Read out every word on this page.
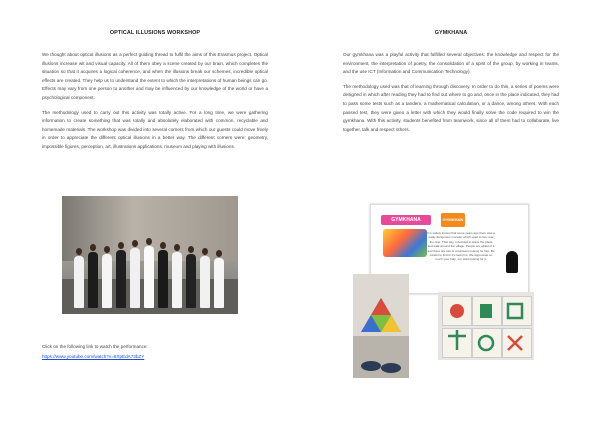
OPTICAL ILLUSIONS WORKSHOP

We thought about optical illusions as a perfect guiding thread to fulfil the aims of this Erasmus project. Optical illusions increase wit and visual capacity. All of them obey a scene created by our brain, which completes the situation so that it acquires a logical coherence, and when the illusions break our schemes, incredible optical effects are created. They help us to understand the extent to which the interpretations of human beings can go. Effects may vary from one person to another and may be influenced by our knowledge of the world or have a psychological component.

The methodology used to carry out this activity was totally active. For a long time, we were gathering information to create something that was totally and absolutely elaborated with common, recyclable and homemade materials. The workshop was divided into several corners from which our guests could move freely in order to appreciate the different optical illusions in a better way. The different corners were: geometry, impossible figures, perception, art, illustrations applications, museum and playing with illusions.

Click on the following link to watch the performance:
https://www.youtube.com/watch?v=6XpEdA73bZY
GYMKHANA

Our gymkhana was a playful activity that fulfilled several objectives: the knowledge and respect for the environment, the interpretation of poetry, the consolidation of a spirit of the group, by working in teams, and the use ICT (Information and Communication Technology).

The methodology used was that of learning through discovery. In order to do this, a series of poems were designed in which after reading they had to find out where to go and, once in the place indicated, they had to pass some tests such as a tandem, a mathematical calculation, or a dance, among others. With each passed test, they were given a letter with which they would finally solve the code required to win the gymkhana. With this activity, students benefited from teamwork, since all of them had to collaborate, live together, talk and respect others.

GYMKHANA	GYMKHAN
It is widely known that some years ago there was a really dangerous monster which used to live near the river. That day, it decided to leave the place and walk around the village. People are afraid of it and there are lots of volunteers looking for him. Be careful to find it! It's look him. We appreciate so much your help, so i start looking for it.
